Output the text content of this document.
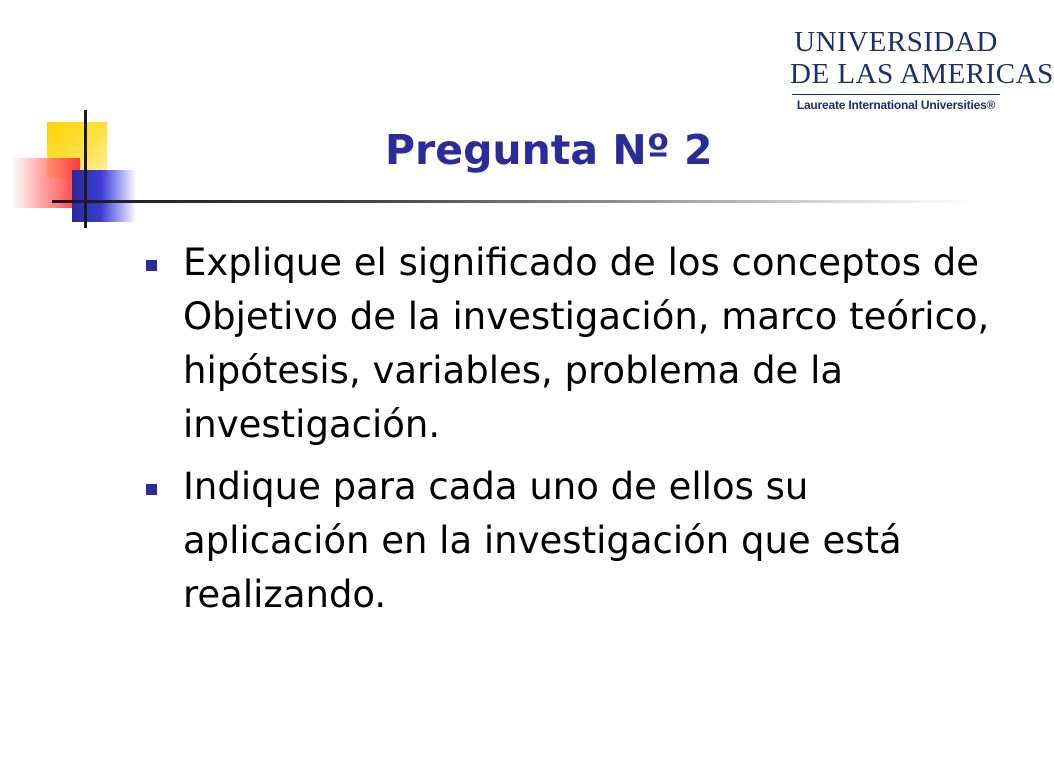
UNIVERSIDAD
DE LAS AMERICAS
Laureate International Universities®
Pregunta Nº 2
Explique el significado de los conceptos de Objetivo de la investigación, marco teórico, hipótesis, variables, problema de la investigación.
Indique para cada uno de ellos su aplicación en la investigación que está realizando.
